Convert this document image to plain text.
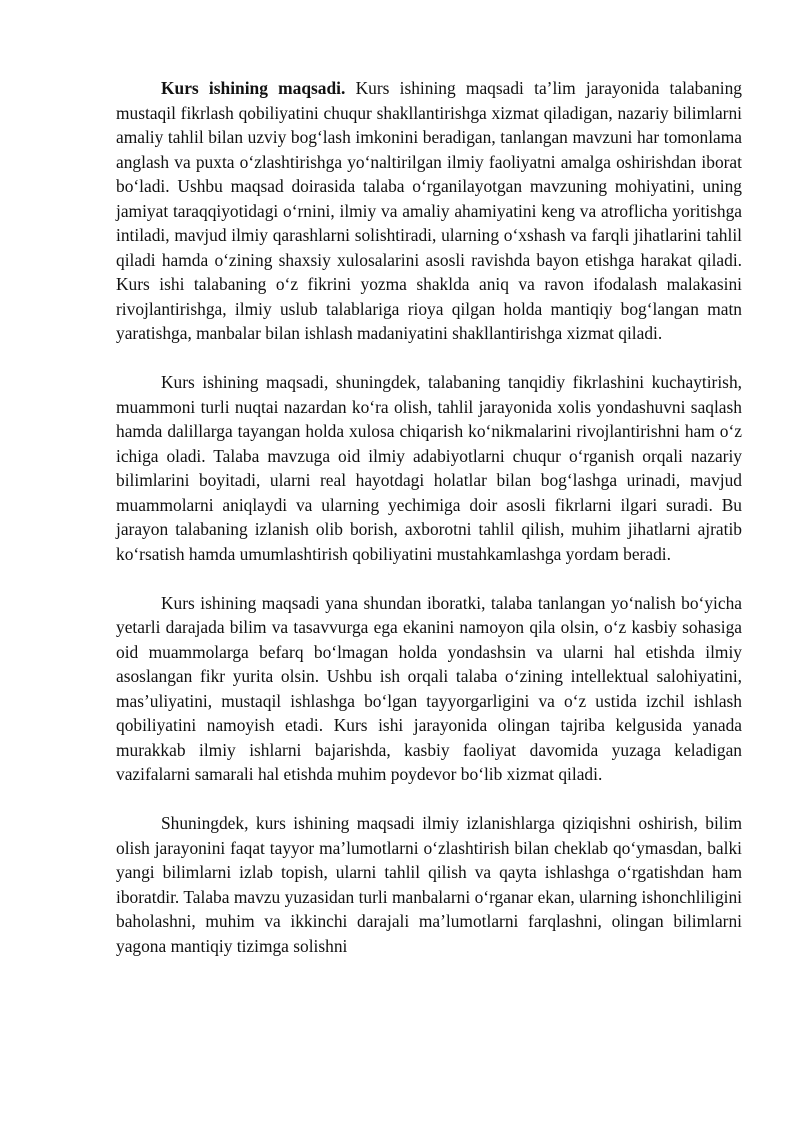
Kurs ishining maqsadi. Kurs ishining maqsadi ta’lim jarayonida talabaning mustaqil fikrlash qobiliyatini chuqur shakllantirishga xizmat qiladigan, nazariy bilimlarni amaliy tahlil bilan uzviy bog‘lash imkonini beradigan, tanlangan mavzuni har tomonlama anglash va puxta o‘zlashtirishga yo‘naltirilgan ilmiy faoliyatni amalga oshirishdan iborat bo‘ladi. Ushbu maqsad doirasida talaba o‘rganilayotgan mavzuning mohiyatini, uning jamiyat taraqqiyotidagi o‘rnini, ilmiy va amaliy ahamiyatini keng va atroflicha yoritishga intiladi, mavjud ilmiy qarashlarni solishtiradi, ularning o‘xshash va farqli jihatlarini tahlil qiladi hamda o‘zining shaxsiy xulosalarini asosli ravishda bayon etishga harakat qiladi. Kurs ishi talabaning o‘z fikrini yozma shaklda aniq va ravon ifodalash malakasini rivojlantirishga, ilmiy uslub talablariga rioya qilgan holda mantiqiy bog‘langan matn yaratishga, manbalar bilan ishlash madaniyatini shakllantirishga xizmat qiladi.

Kurs ishining maqsadi, shuningdek, talabaning tanqidiy fikrlashini kuchaytirish, muammoni turli nuqtai nazardan ko‘ra olish, tahlil jarayonida xolis yondashuvni saqlash hamda dalillarga tayangan holda xulosa chiqarish ko‘nikmalarini rivojlantirishni ham o‘z ichiga oladi. Talaba mavzuga oid ilmiy adabiyotlarni chuqur o‘rganish orqali nazariy bilimlarini boyitadi, ularni real hayotdagi holatlar bilan bog‘lashga urinadi, mavjud muammolarni aniqlaydi va ularning yechimiga doir asosli fikrlarni ilgari suradi. Bu jarayon talabaning izlanish olib borish, axborotni tahlil qilish, muhim jihatlarni ajratib ko‘rsatish hamda umumlashtirish qobiliyatini mustahkamlashga yordam beradi.

Kurs ishining maqsadi yana shundan iboratki, talaba tanlangan yo‘nalish bo‘yicha yetarli darajada bilim va tasavvurga ega ekanini namoyon qila olsin, o‘z kasbiy sohasiga oid muammolarga befarq bo‘lmagan holda yondashsin va ularni hal etishda ilmiy asoslangan fikr yurita olsin. Ushbu ish orqali talaba o‘zining intellektual salohiyatini, mas’uliyatini, mustaqil ishlashga bo‘lgan tayyorgarligini va o‘z ustida izchil ishlash qobiliyatini namoyish etadi. Kurs ishi jarayonida olingan tajriba kelgusida yanada murakkab ilmiy ishlarni bajarishda, kasbiy faoliyat davomida yuzaga keladigan vazifalarni samarali hal etishda muhim poydevor bo‘lib xizmat qiladi.

Shuningdek, kurs ishining maqsadi ilmiy izlanishlarga qiziqishni oshirish, bilim olish jarayonini faqat tayyor ma’lumotlarni o‘zlashtirish bilan cheklab qo‘ymasdan, balki yangi bilimlarni izlab topish, ularni tahlil qilish va qayta ishlashga o‘rgatishdan ham iboratdir. Talaba mavzu yuzasidan turli manbalarni o‘rganar ekan, ularning ishonchliligini baholashni, muhim va ikkinchi darajali ma’lumotlarni farqlashni, olingan bilimlarni yagona mantiqiy tizimga solishni
